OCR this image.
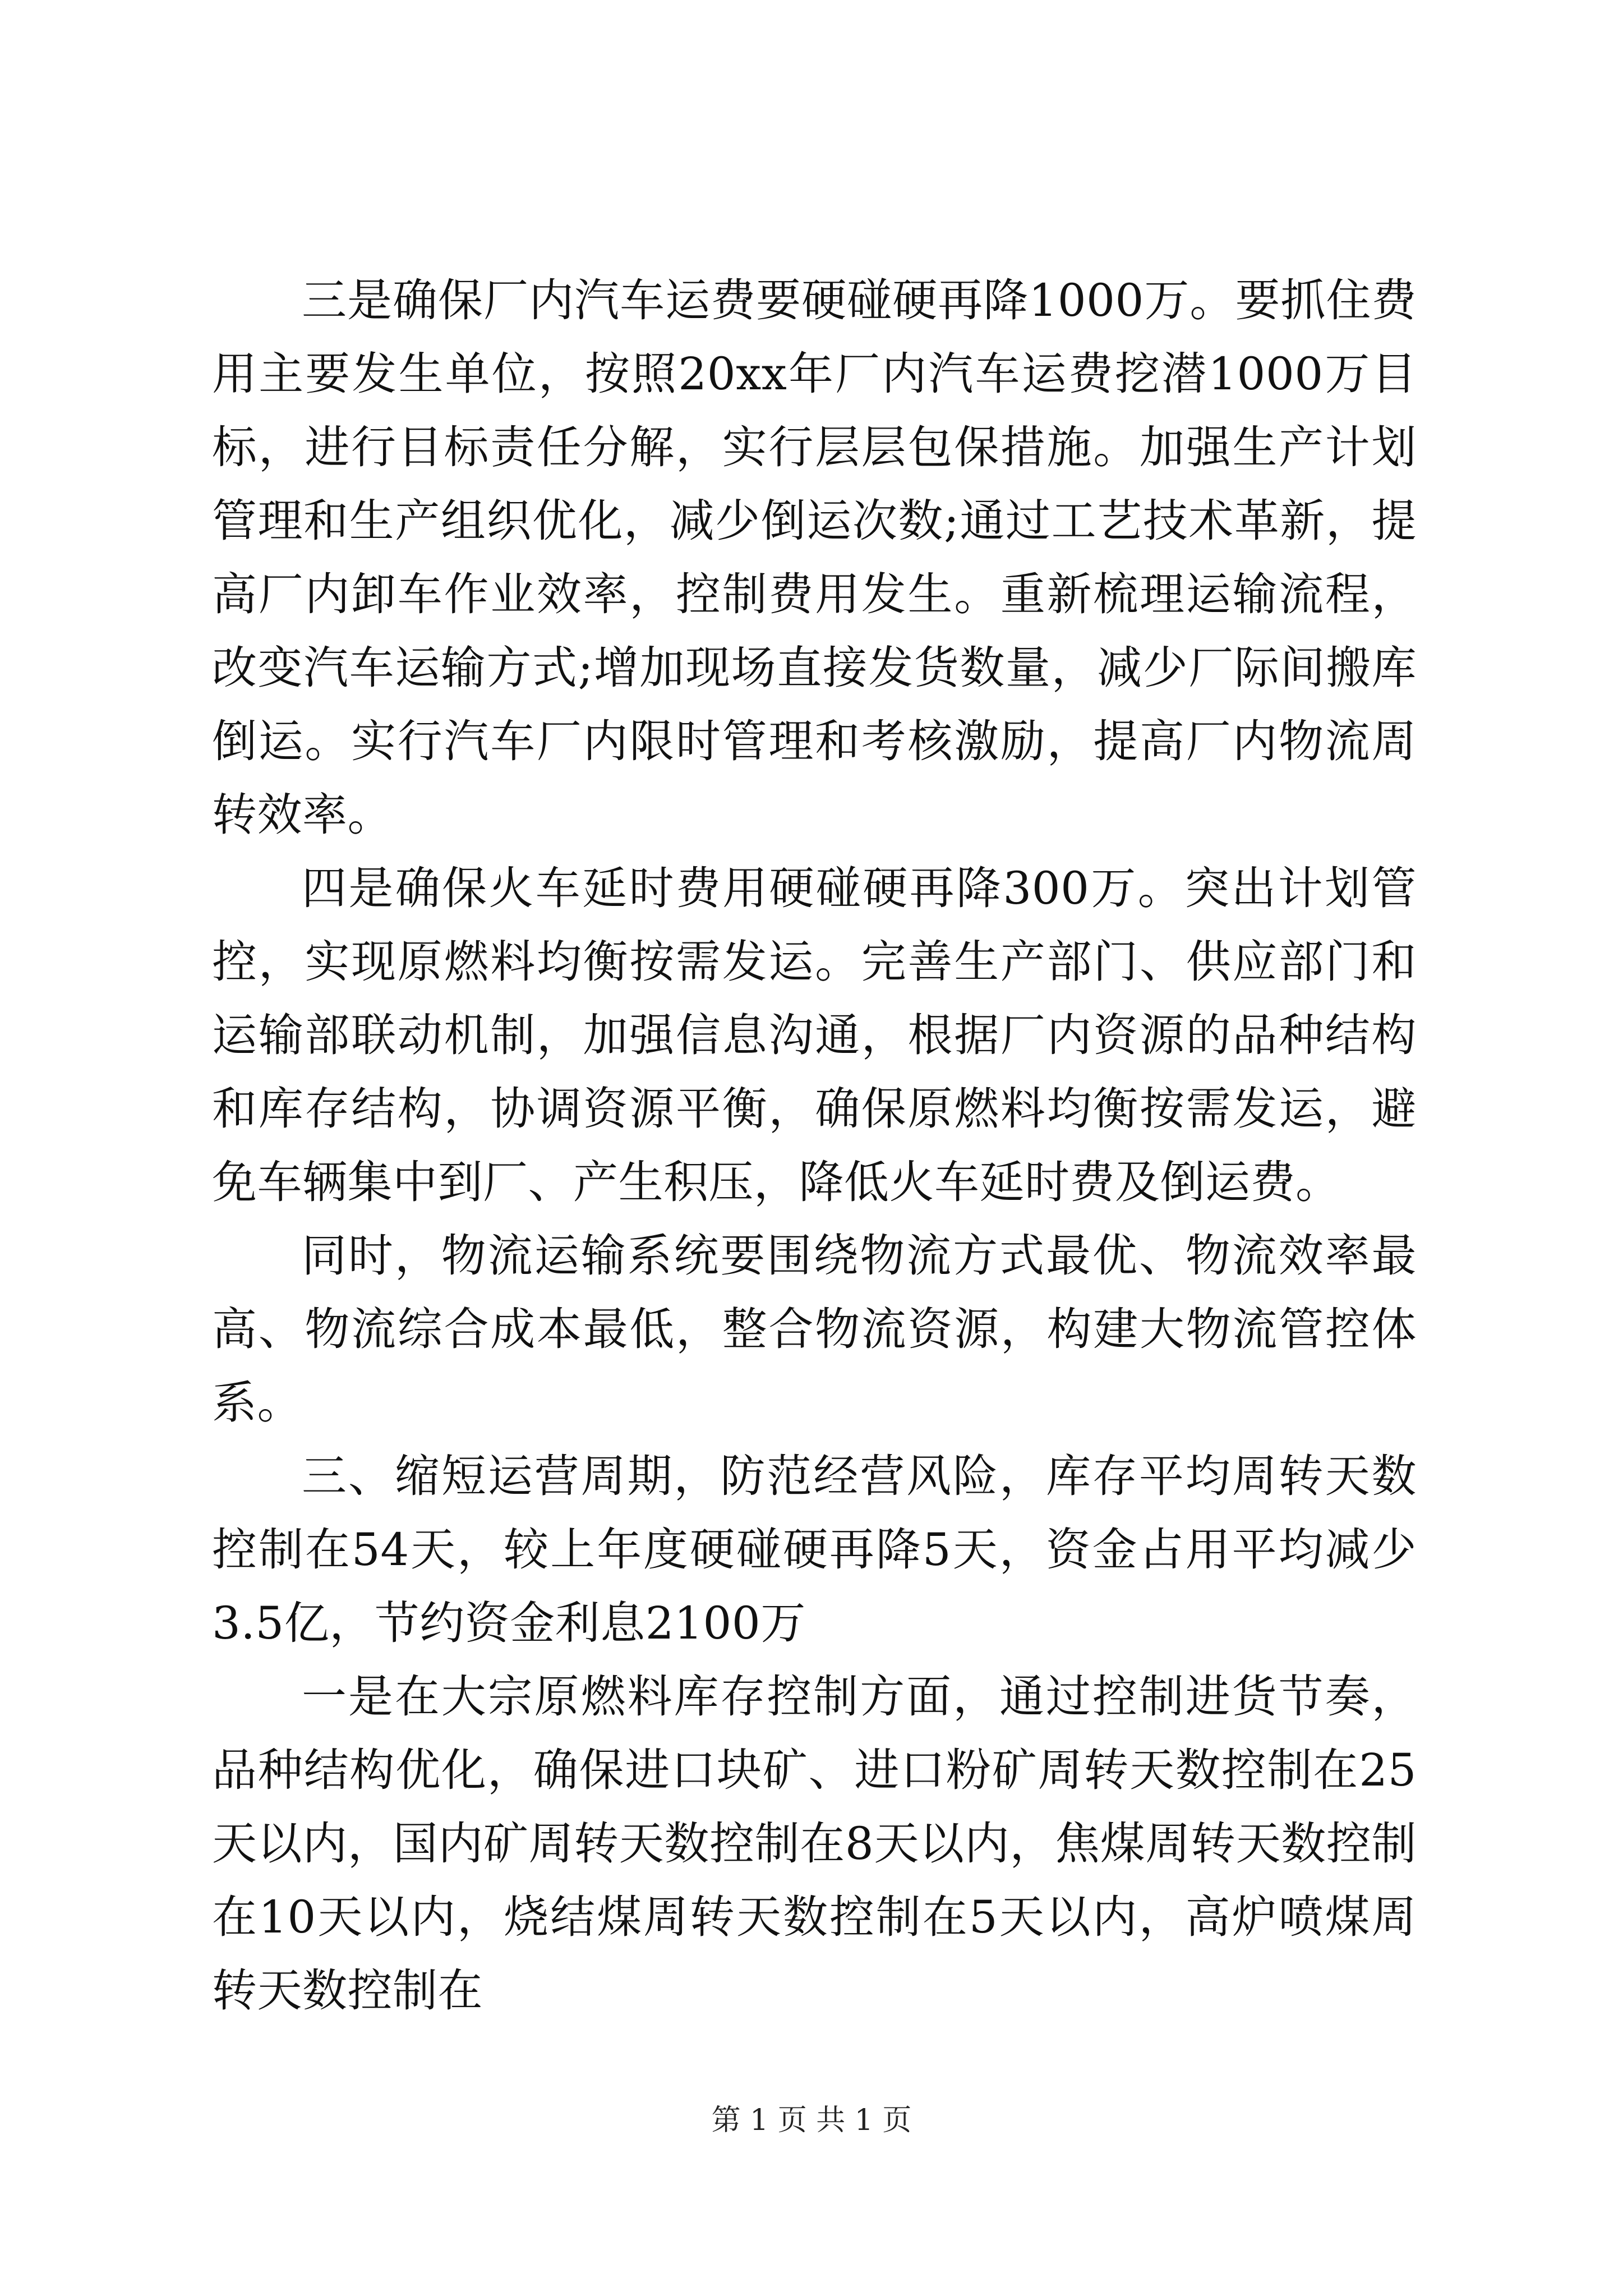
三是确保厂内汽车运费要硬碰硬再降1000万。要抓住费用主要发生单位，按照20xx年厂内汽车运费挖潜1000万目标，进行目标责任分解，实行层层包保措施。加强生产计划管理和生产组织优化，减少倒运次数;通过工艺技术革新，提高厂内卸车作业效率，控制费用发生。重新梳理运输流程，改变汽车运输方式;增加现场直接发货数量，减少厂际间搬库倒运。实行汽车厂内限时管理和考核激励，提高厂内物流周转效率。

四是确保火车延时费用硬碰硬再降300万。突出计划管控，实现原燃料均衡按需发运。完善生产部门、供应部门和运输部联动机制，加强信息沟通，根据厂内资源的品种结构和库存结构，协调资源平衡，确保原燃料均衡按需发运，避免车辆集中到厂、产生积压，降低火车延时费及倒运费。

同时，物流运输系统要围绕物流方式最优、物流效率最高、物流综合成本最低，整合物流资源，构建大物流管控体系。

三、缩短运营周期，防范经营风险，库存平均周转天数控制在54天，较上年度硬碰硬再降5天，资金占用平均减少3.5亿，节约资金利息2100万

一是在大宗原燃料库存控制方面，通过控制进货节奏，品种结构优化，确保进口块矿、进口粉矿周转天数控制在25天以内，国内矿周转天数控制在8天以内，焦煤周转天数控制在10天以内，烧结煤周转天数控制在5天以内，高炉喷煤周转天数控制在

第 1 页 共 1 页
